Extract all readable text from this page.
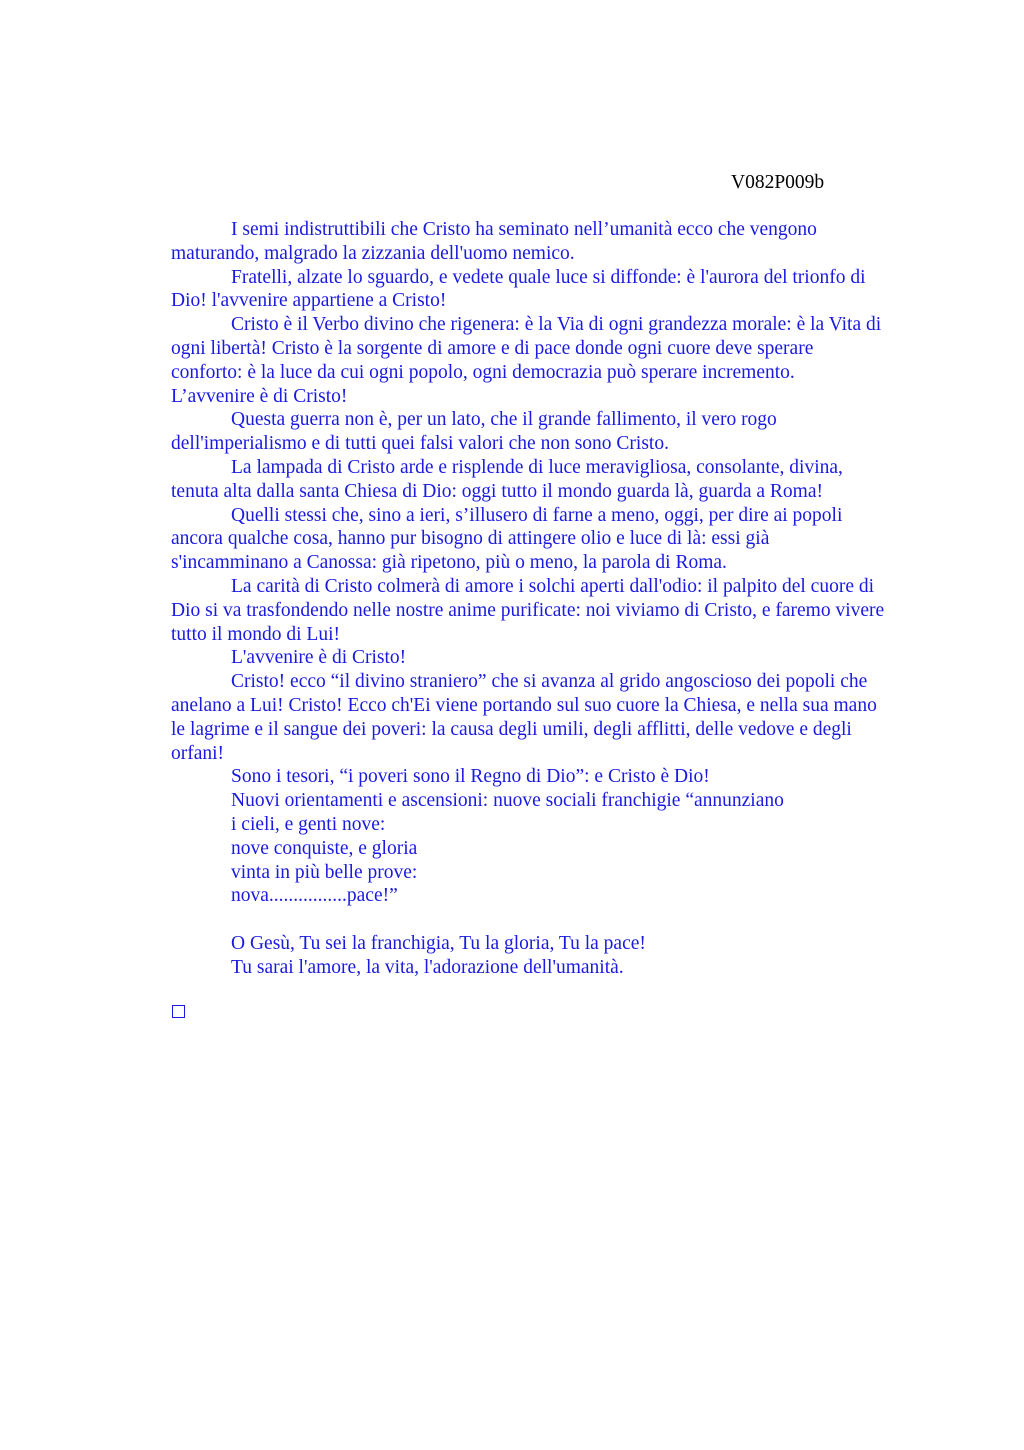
V082P009b

I semi indistruttibili che Cristo ha seminato nell’umanità ecco che vengono
maturando, malgrado la zizzania dell'uomo nemico.

Fratelli, alzate lo sguardo, e vedete quale luce si diffonde: è l'aurora del trionfo di
Dio! l'avvenire appartiene a Cristo!

Cristo è il Verbo divino che rigenera: è la Via di ogni grandezza morale: è la Vita di
ogni libertà! Cristo è la sorgente di amore e di pace donde ogni cuore deve sperare
conforto: è la luce da cui ogni popolo, ogni democrazia può sperare incremento.
L’avvenire è di Cristo!

Questa guerra non è, per un lato, che il grande fallimento, il vero rogo
dell'imperialismo e di tutti quei falsi valori che non sono Cristo.

La lampada di Cristo arde e risplende di luce meravigliosa, consolante, divina,
tenuta alta dalla santa Chiesa di Dio: oggi tutto il mondo guarda là, guarda a Roma!

Quelli stessi che, sino a ieri, s’illusero di farne a meno, oggi, per dire ai popoli
ancora qualche cosa, hanno pur bisogno di attingere olio e luce di là: essi già
s'incamminano a Canossa: già ripetono, più o meno, la parola di Roma.

La carità di Cristo colmerà di amore i solchi aperti dall'odio: il palpito del cuore di
Dio si va trasfondendo nelle nostre anime purificate: noi viviamo di Cristo, e faremo vivere
tutto il mondo di Lui!

L'avvenire è di Cristo!

Cristo! ecco “il divino straniero” che si avanza al grido angoscioso dei popoli che
anelano a Lui! Cristo! Ecco ch'Ei viene portando sul suo cuore la Chiesa, e nella sua mano
le lagrime e il sangue dei poveri: la causa degli umili, degli afflitti, delle vedove e degli
orfani!

Sono i tesori, “i poveri sono il Regno di Dio”: e Cristo è Dio!
Nuovi orientamenti e ascensioni: nuove sociali franchigie “annunziano
i cieli, e genti nove:
nove conquiste, e gloria
vinta in più belle prove:
nova................pace!”
O Gesù, Tu sei la franchigia, Tu la gloria, Tu la pace!
Tu sarai l'amore, la vita, l'adorazione dell'umanità.
